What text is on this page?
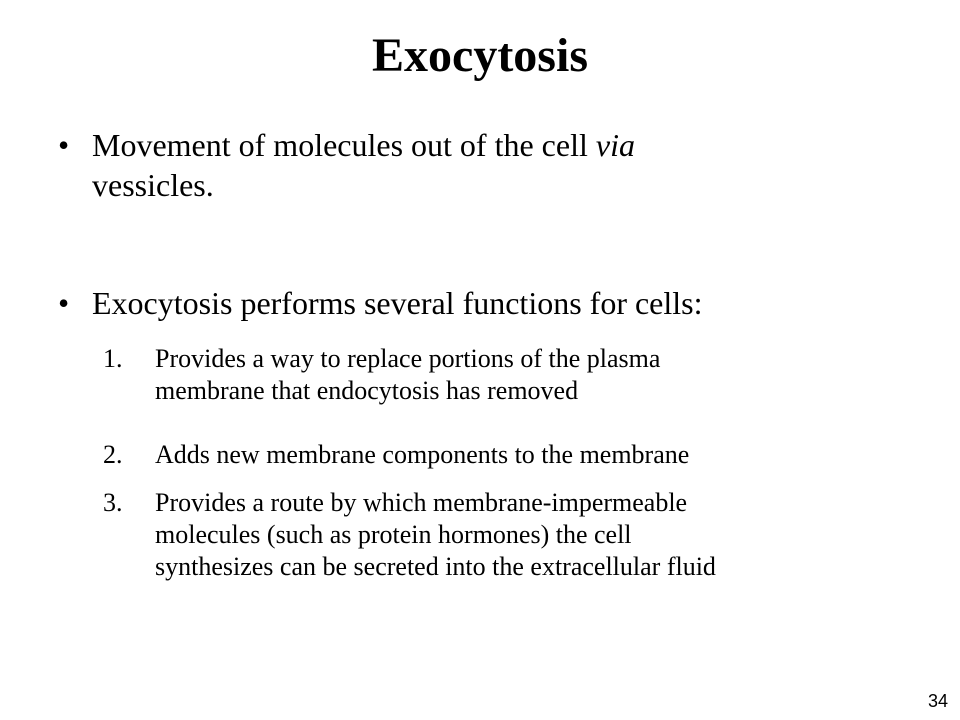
Exocytosis
• Movement of molecules out of the cell via
vessicles.
• Exocytosis performs several functions for cells:
1. Provides a way to replace portions of the plasma
membrane that endocytosis has removed
2. Adds new membrane components to the membrane
3. Provides a route by which membrane-impermeable
molecules (such as protein hormones) the cell
synthesizes can be secreted into the extracellular fluid
34
